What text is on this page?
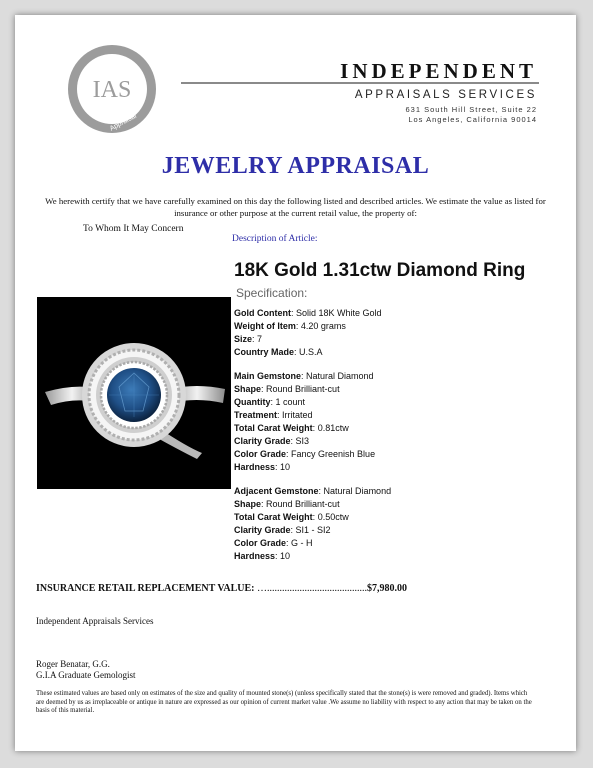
IAS
Appraisal
INDEPENDENT
APPRAISALS SERVICES
631 South Hill Street, Suite 22
Los Angeles, California 90014
JEWELRY APPRAISAL
We herewith certify that we have carefully examined on this day the following listed and described articles. We estimate the value as listed for insurance or other purpose at the current retail value, the property of:
To Whom It May Concern
Description of Article:
18K Gold 1.31ctw Diamond Ring
Specification:
Gold Content: Solid 18K White Gold
Weight of Item: 4.20 grams
Size: 7
Country Made: U.S.A
Main Gemstone: Natural Diamond
Shape: Round Brilliant-cut
Quantity: 1 count
Treatment: Irritated
Total Carat Weight: 0.81ctw
Clarity Grade: SI3
Color Grade: Fancy Greenish Blue
Hardness: 10
Adjacent Gemstone: Natural Diamond
Shape: Round Brilliant-cut
Total Carat Weight: 0.50ctw
Clarity Grade: SI1 - SI2
Color Grade: G - H
Hardness: 10
INSURANCE RETAIL REPLACEMENT VALUE: …........................................$7,980.00
Independent Appraisals Services
Roger Benatar, G.G.
G.I.A Graduate Gemologist
These estimated values are based only on estimates of the size and quality of mounted stone(s) (unless specifically stated that the stone(s) is were removed and graded). Items which are deemed by us as irreplaceable or antique in nature are expressed as our opinion of current market value .We assume no liability with respect to any action that may be taken on the basis of this material.
